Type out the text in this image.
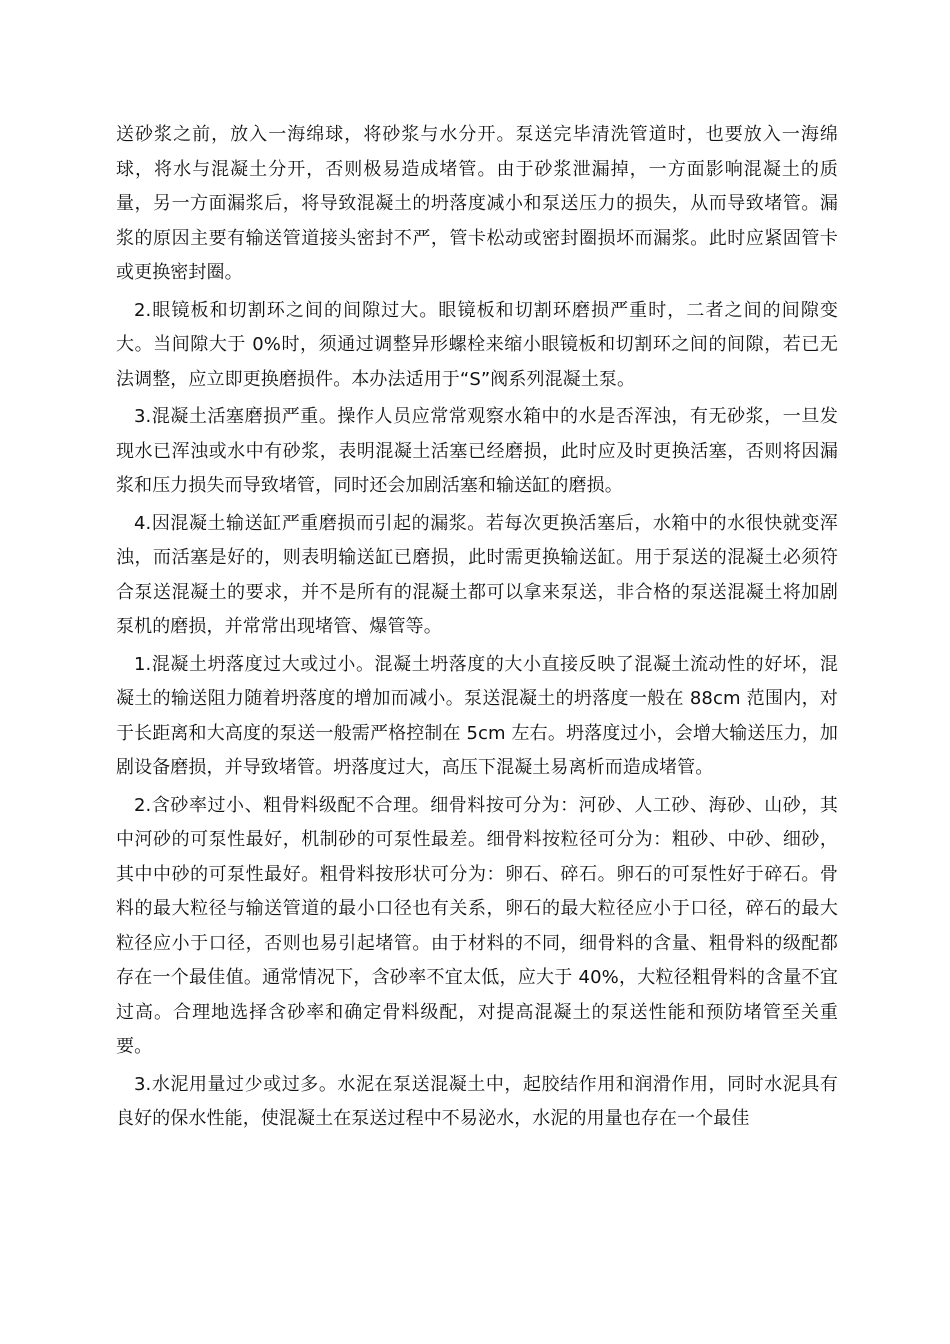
送砂浆之前，放入一海绵球，将砂浆与水分开。泵送完毕清洗管道时，也要放入一海绵球，将水与混凝土分开，否则极易造成堵管。由于砂浆泄漏掉，一方面影响混凝土的质量，另一方面漏浆后，将导致混凝土的坍落度减小和泵送压力的损失，从而导致堵管。漏浆的原因主要有输送管道接头密封不严，管卡松动或密封圈损坏而漏浆。此时应紧固管卡或更换密封圈。

2.眼镜板和切割环之间的间隙过大。眼镜板和切割环磨损严重时，二者之间的间隙变大。当间隙大于 0%时，须通过调整异形螺栓来缩小眼镜板和切割环之间的间隙，若已无法调整，应立即更换磨损件。本办法适用于“S”阀系列混凝土泵。

3.混凝土活塞磨损严重。操作人员应常常观察水箱中的水是否浑浊，有无砂浆，一旦发现水已浑浊或水中有砂浆，表明混凝土活塞已经磨损，此时应及时更换活塞，否则将因漏浆和压力损失而导致堵管，同时还会加剧活塞和输送缸的磨损。

4.因混凝土输送缸严重磨损而引起的漏浆。若每次更换活塞后，水箱中的水很快就变浑浊，而活塞是好的，则表明输送缸已磨损，此时需更换输送缸。用于泵送的混凝土必须符合泵送混凝土的要求，并不是所有的混凝土都可以拿来泵送，非合格的泵送混凝土将加剧泵机的磨损，并常常出现堵管、爆管等。

1.混凝土坍落度过大或过小。混凝土坍落度的大小直接反映了混凝土流动性的好坏，混凝土的输送阻力随着坍落度的增加而减小。泵送混凝土的坍落度一般在 88cm 范围内，对于长距离和大高度的泵送一般需严格控制在 5cm 左右。坍落度过小，会增大输送压力，加剧设备磨损，并导致堵管。坍落度过大，高压下混凝土易离析而造成堵管。

2.含砂率过小、粗骨料级配不合理。细骨料按可分为：河砂、人工砂、海砂、山砂，其中河砂的可泵性最好，机制砂的可泵性最差。细骨料按粒径可分为：粗砂、中砂、细砂，其中中砂的可泵性最好。粗骨料按形状可分为：卵石、碎石。卵石的可泵性好于碎石。骨料的最大粒径与输送管道的最小口径也有关系，卵石的最大粒径应小于口径，碎石的最大粒径应小于口径，否则也易引起堵管。由于材料的不同，细骨料的含量、粗骨料的级配都存在一个最佳值。通常情况下，含砂率不宜太低，应大于 40%，大粒径粗骨料的含量不宜过高。合理地选择含砂率和确定骨料级配，对提高混凝土的泵送性能和预防堵管至关重要。

3.水泥用量过少或过多。水泥在泵送混凝土中，起胶结作用和润滑作用，同时水泥具有良好的保水性能，使混凝土在泵送过程中不易泌水，水泥的用量也存在一个最佳
